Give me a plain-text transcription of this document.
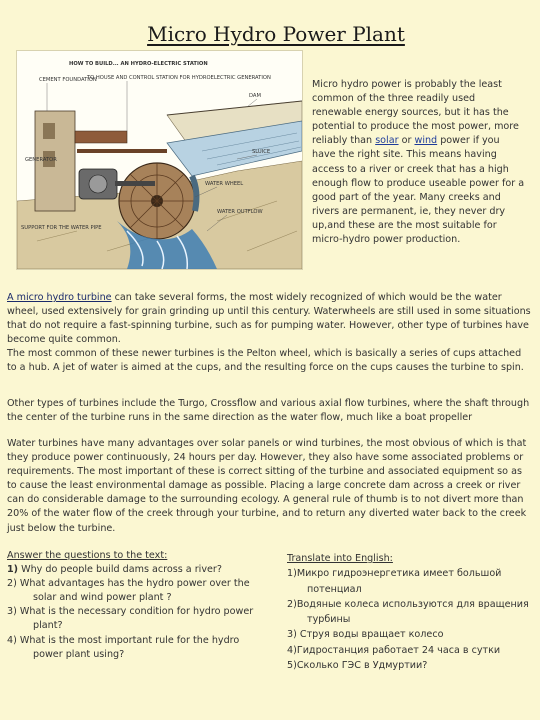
Micro Hydro Power Plant
HOW TO BUILD... AN HYDRO-ELECTRIC STATION
CEMENT FOUNDATION
TO HOUSE AND CONTROL STATION FOR HYDROELECTRIC GENERATION
GENERATOR
DAM
SLUICE
WATER OUTFLOW
WATER WHEEL
SUPPORT FOR THE WATER PIPE
Micro hydro power is probably the least common of the three readily used renewable energy sources, but it has the potential to produce the most power, more reliably than solar or wind power if you have the right site. This means having access to a river or creek that has a high enough flow to produce useable power for a good part of the year. Many creeks and rivers are permanent, ie, they never dry up,and these are the most suitable for micro-hydro power production.

A micro hydro turbine can take several forms, the most widely recognized of which would be the water wheel, used extensively for grain grinding up until this century. Waterwheels are still used in some situations that do not require a fast-spinning turbine, such as for pumping water. However, other type of turbines have become quite common.

The most common of these newer turbines is the Pelton wheel, which is basically a series of cups attached to a hub. A jet of water is aimed at the cups, and the resulting force on the cups causes the turbine to spin.

Other types of turbines include the Turgo, Crossflow and various axial flow turbines, where the shaft through the center of the turbine runs in the same direction as the water flow, much like a boat propeller
Water turbines have many advantages over solar panels or wind turbines, the most obvious of which is that they produce power continuously, 24 hours per day. However, they also have some associated problems or requirements. The most important of these is correct sitting of the turbine and associated equipment so as to cause the least environmental damage as possible. Placing a large concrete dam across a creek or river can do considerable damage to the surrounding ecology. A general rule of thumb is to not divert more than 20% of the water flow of the creek through your turbine, and to return any diverted water back to the creek just below the turbine.
Answer the questions to the text:
1) Why do people build dams across a river?
2) What advantages has the hydro power over the
solar and wind power plant ?
3) What is the necessary condition for hydro power
plant?
4) What is the most important rule for the hydro
power plant using?
Translate into English:
1)Микро гидроэнергетика имеет большой
потенциал
2)Водяные колеса используются для вращения
турбины
3) Струя воды вращает колесо
4)Гидростанция работает 24 часа в сутки
5)Сколько ГЭС в Удмуртии?
